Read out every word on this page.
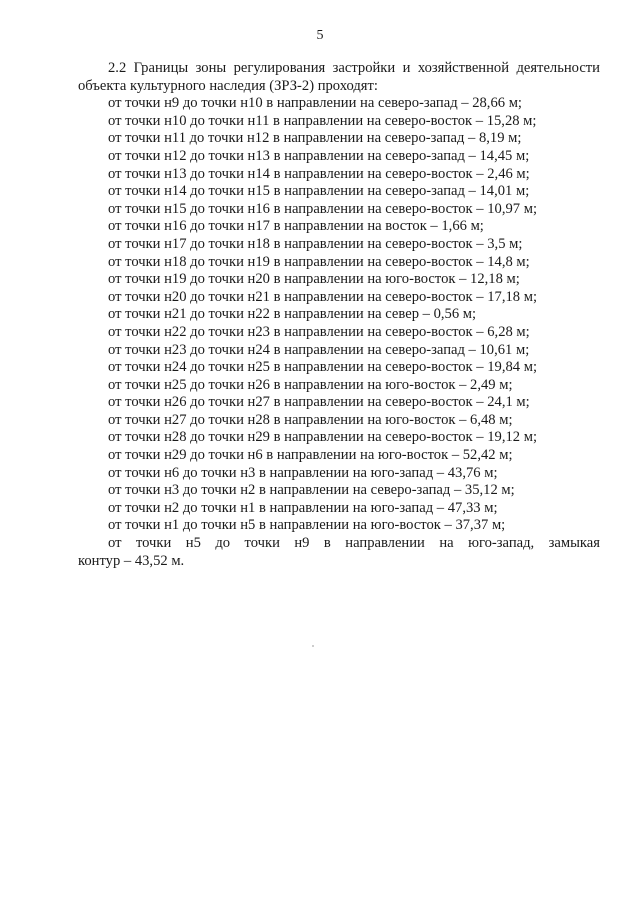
5

2.2 Границы зоны регулирования застройки и хозяйственной деятельности объекта культурного наследия (ЗРЗ-2) проходят:

от точки н9 до точки н10 в направлении на северо-запад – 28,66 м;
от точки н10 до точки н11 в направлении на северо-восток – 15,28 м;
от точки н11 до точки н12 в направлении на северо-запад – 8,19 м;
от точки н12 до точки н13 в направлении на северо-запад – 14,45 м;
от точки н13 до точки н14 в направлении на северо-восток – 2,46 м;
от точки н14 до точки н15 в направлении на северо-запад – 14,01 м;
от точки н15 до точки н16 в направлении на северо-восток – 10,97 м;
от точки н16 до точки н17 в направлении на восток – 1,66 м;
от точки н17 до точки н18 в направлении на северо-восток – 3,5 м;
от точки н18 до точки н19 в направлении на северо-восток – 14,8 м;
от точки н19 до точки н20 в направлении на юго-восток – 12,18 м;
от точки н20 до точки н21 в направлении на северо-восток – 17,18 м;
от точки н21 до точки н22 в направлении на север – 0,56 м;
от точки н22 до точки н23 в направлении на северо-восток – 6,28 м;
от точки н23 до точки н24 в направлении на северо-запад – 10,61 м;
от точки н24 до точки н25 в направлении на северо-восток – 19,84 м;
от точки н25 до точки н26 в направлении на юго-восток – 2,49 м;
от точки н26 до точки н27 в направлении на северо-восток – 24,1 м;
от точки н27 до точки н28 в направлении на юго-восток – 6,48 м;
от точки н28 до точки н29 в направлении на северо-восток – 19,12 м;
от точки н29 до точки н6 в направлении на юго-восток – 52,42 м;
от точки н6 до точки н3 в направлении на юго-запад – 43,76 м;
от точки н3 до точки н2 в направлении на северо-запад – 35,12 м;
от точки н2 до точки н1 в направлении на юго-запад – 47,33 м;
от точки н1 до точки н5 в направлении на юго-восток – 37,37 м;

от точки н5 до точки н9 в направлении на юго-запад, замыкая
контур – 43,52 м.
